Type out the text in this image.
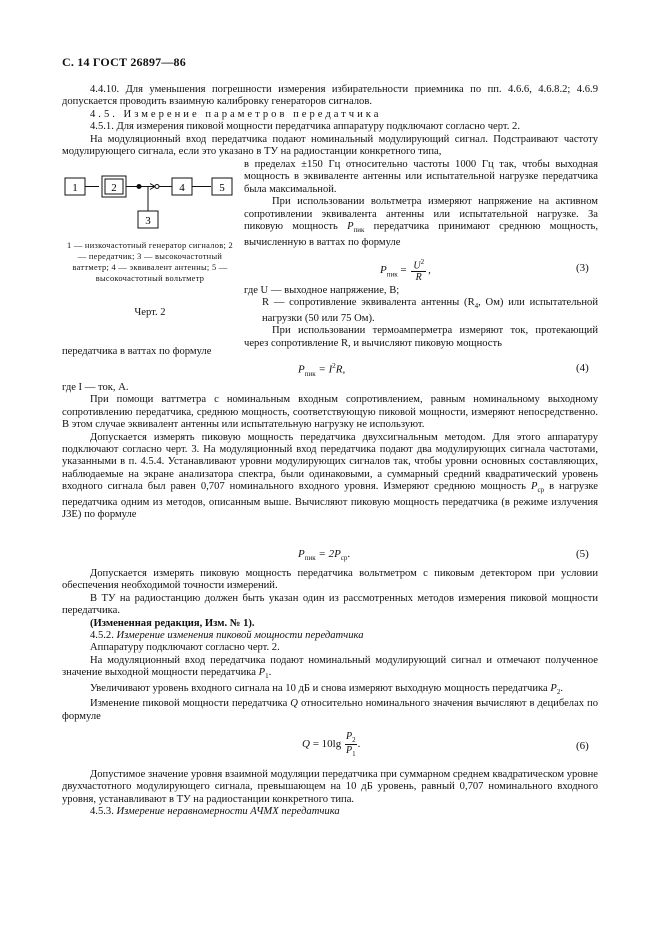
С. 14 ГОСТ 26897—86

4.4.10. Для уменьшения погрешности измерения избирательности приемника по пп. 4.6.6, 4.6.8.2; 4.6.9 допускается проводить взаимную калибровку генераторов сигналов.

4.5. Измерение параметров передатчика

4.5.1. Для измерения пиковой мощности передатчика аппаратуру подключают согласно черт. 2.

На модуляционный вход передатчика подают номинальный модулирующий сигнал. Подстраивают частоту модулирующего сигнала, если это указано в ТУ на радиостанции конкретного типа,

1	2
3
4	5
1 — низкочастотный генератор сигналов; 2 — передатчик; 3 — высокочастотный ваттметр; 4 — эквивалент антенны; 5 — высокочастотный вольтметр
Черт. 2

в пределах ±150 Гц относительно частоты 1000 Гц так, чтобы выходная мощность в эквиваленте антенны или испытательной нагрузке передатчика была максимальной.

При использовании вольтметра измеряют напряжение на активном сопротивлении эквивалента антенны или испытательной нагрузке. За пиковую мощность $P_{пик}$ передатчика принимают среднюю мощность, вычисленную в ваттах по формуле

$P_{пик} = \frac{U^2}{R}$ ,	(3)

где U — выходное напряжение, В;

R — сопротивление эквивалента антенны ($R_4$, Ом) или испытательной нагрузки (50 или 75 Ом).

При использовании термоамперметра измеряют ток, протекающий через сопротивление R, и вычисляют пиковую мощность

передатчика в ваттах по формуле

$P_{пик} = I^2R$,	(4)

где I — ток, А.

При помощи ваттметра с номинальным входным сопротивлением, равным номинальному выходному сопротивлению передатчика, среднюю мощность, соответствующую пиковой мощности, измеряют непосредственно. В этом случае эквивалент антенны или испытательную нагрузку не используют.

Допускается измерять пиковую мощность передатчика двухсигнальным методом. Для этого аппаратуру подключают согласно черт. 3. На модуляционный вход передатчика подают два модулирующих сигнала частотами, указанными в п. 4.5.4. Устанавливают уровни модулирующих сигналов так, чтобы уровни основных составляющих, наблюдаемые на экране анализатора спектра, были одинаковыми, а суммарный средний квадратический уровень входного сигнала был равен 0,707 номинального входного уровня. Измеряют среднюю мощность $P_{ср}$ в нагрузке передатчика одним из методов, описанным выше. Вычисляют пиковую мощность передатчика (в режиме излучения J3E) по формуле

$P_{пик} = 2P_{ср}$.	(5)

Допускается измерять пиковую мощность передатчика вольтметром с пиковым детектором при условии обеспечения необходимой точности измерений.

В ТУ на радиостанцию должен быть указан один из рассмотренных методов измерения пиковой мощности передатчика.

(Измененная редакция, Изм. № 1).

4.5.2. Измерение изменения пиковой мощности передатчика

Аппаратуру подключают согласно черт. 2.

На модуляционный вход передатчика подают номинальный модулирующий сигнал и отмечают полученное значение выходной мощности передатчика $P_1$.

Увеличивают уровень входного сигнала на 10 дБ и снова измеряют выходную мощность передатчика $P_2$.

Изменение пиковой мощности передатчика Q относительно номинального значения вычисляют в децибелах по формуле

$Q = 10\lg \frac{P_2}{P_1}$ .	(6)

Допустимое значение уровня взаимной модуляции передатчика при суммарном среднем квадратическом уровне двухчастотного модулирующего сигнала, превышающем на 10 дБ уровень, равный 0,707 номинального входного уровня, устанавливают в ТУ на радиостанции конкретного типа.

4.5.3. Измерение неравномерности АЧМХ передатчика
